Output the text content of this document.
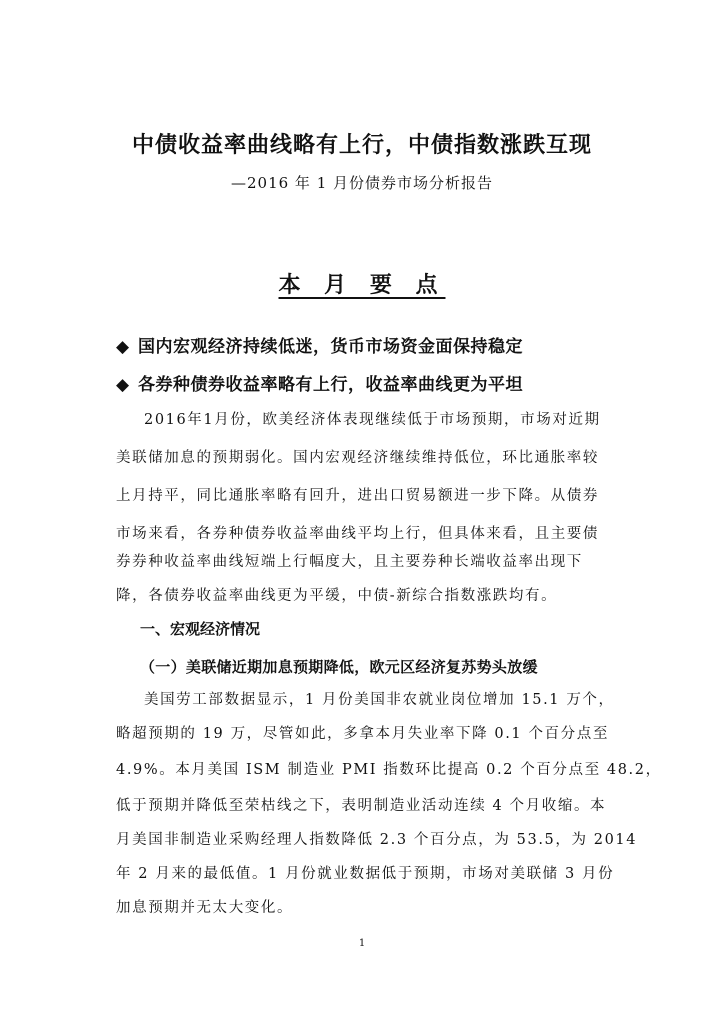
中债收益率曲线略有上行，中债指数涨跌互现
—2016 年 1 月份债券市场分析报告
本 月 要 点
◆ 国内宏观经济持续低迷，货币市场资金面保持稳定
◆ 各券种债券收益率略有上行，收益率曲线更为平坦
2016年1月份，欧美经济体表现继续低于市场预期，市场对近期
美联储加息的预期弱化。国内宏观经济继续维持低位，环比通胀率较
上月持平，同比通胀率略有回升，进出口贸易额进一步下降。从债券
市场来看，各券种债券收益率曲线平均上行，但具体来看，且主要债
券券种收益率曲线短端上行幅度大，且主要券种长端收益率出现下
降，各债券收益率曲线更为平缓，中债-新综合指数涨跌均有。
一、宏观经济情况
（一）美联储近期加息预期降低，欧元区经济复苏势头放缓
美国劳工部数据显示，1 月份美国非农就业岗位增加 15.1 万个，
略超预期的 19 万，尽管如此，多拿本月失业率下降 0.1 个百分点至
4.9%。本月美国 ISM 制造业 PMI 指数环比提高 0.2 个百分点至 48.2，
低于预期并降低至荣枯线之下，表明制造业活动连续 4 个月收缩。本
月美国非制造业采购经理人指数降低 2.3 个百分点，为 53.5，为 2014
年 2 月来的最低值。1 月份就业数据低于预期，市场对美联储 3 月份
加息预期并无太大变化。
1
